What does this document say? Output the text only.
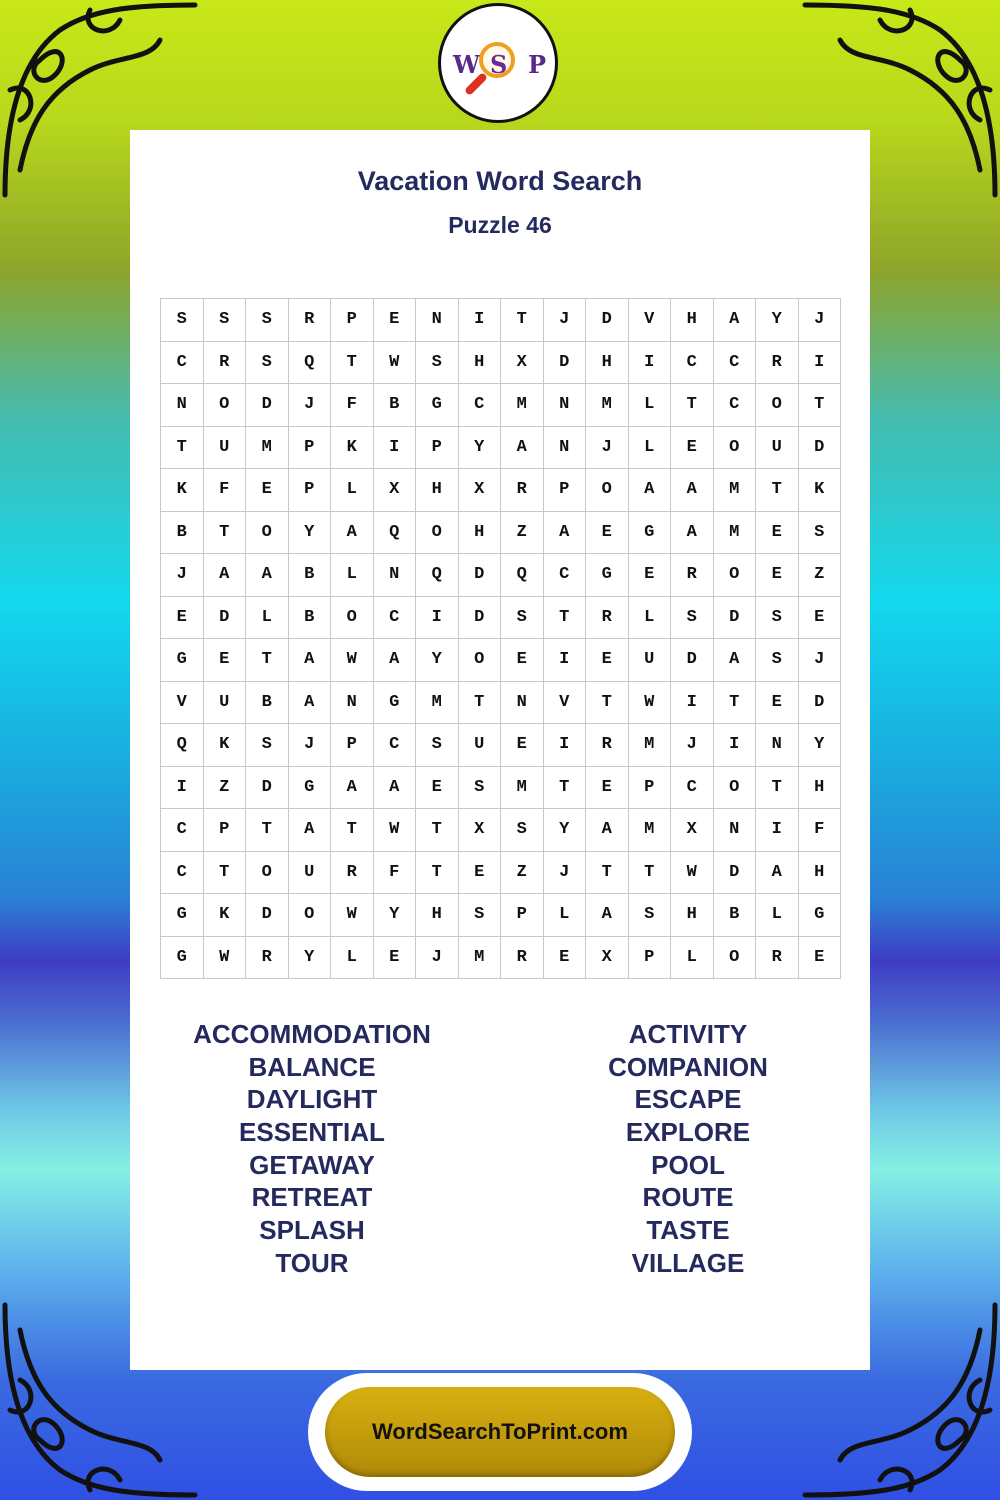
W S P
Vacation Word Search
Puzzle 46
S	S	S	R	P	E	N	I	T	J	D	V	H	A	Y	J
C	R	S	Q	T	W	S	H	X	D	H	I	C	C	R	I
N	O	D	J	F	B	G	C	M	N	M	L	T	C	O	T
T	U	M	P	K	I	P	Y	A	N	J	L	E	O	U	D
K	F	E	P	L	X	H	X	R	P	O	A	A	M	T	K
B	T	O	Y	A	Q	O	H	Z	A	E	G	A	M	E	S
J	A	A	B	L	N	Q	D	Q	C	G	E	R	O	E	Z
E	D	L	B	O	C	I	D	S	T	R	L	S	D	S	E
G	E	T	A	W	A	Y	O	E	I	E	U	D	A	S	J
V	U	B	A	N	G	M	T	N	V	T	W	I	T	E	D
Q	K	S	J	P	C	S	U	E	I	R	M	J	I	N	Y
I	Z	D	G	A	A	E	S	M	T	E	P	C	O	T	H
C	P	T	A	T	W	T	X	S	Y	A	M	X	N	I	F
C	T	O	U	R	F	T	E	Z	J	T	T	W	D	A	H
G	K	D	O	W	Y	H	S	P	L	A	S	H	B	L	G
G	W	R	Y	L	E	J	M	R	E	X	P	L	O	R	E
ACCOMMODATION
BALANCE
DAYLIGHT
ESSENTIAL
GETAWAY
RETREAT
SPLASH
TOUR
ACTIVITY
COMPANION
ESCAPE
EXPLORE
POOL
ROUTE
TASTE
VILLAGE
WordSearchToPrint.com
